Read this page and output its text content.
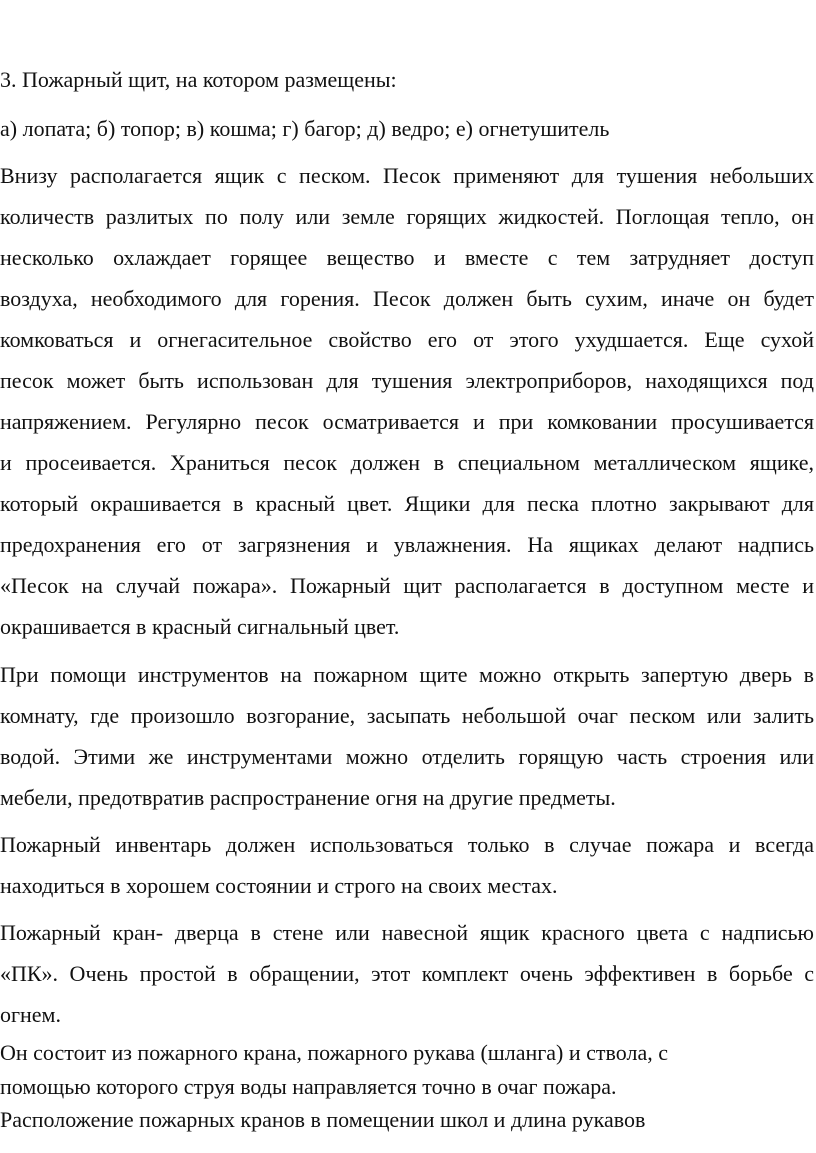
3. Пожарный щит, на котором размещены:

а) лопата; б) топор; в) кошма; г) багор; д) ведро; е) огнетушитель

Внизу располагается ящик с песком. Песок применяют для тушения небольших

количеств разлитых по полу или земле горящих жидкостей. Поглощая тепло, он

несколько охлаждает горящее вещество и вместе с тем затрудняет доступ

воздуха, необходимого для горения. Песок должен быть сухим, иначе он будет

комковаться и огнегасительное свойство его от этого ухудшается. Еще сухой

песок может быть использован для тушения электроприборов, находящихся под

напряжением. Регулярно песок осматривается и при комковании просушивается

и просеивается. Храниться песок должен в специальном металлическом ящике,

который окрашивается в красный цвет. Ящики для песка плотно закрывают для

предохранения его от загрязнения и увлажнения. На ящиках делают надпись

«Песок на случай пожара». Пожарный щит располагается в доступном месте и

окрашивается в красный сигнальный цвет.

При помощи инструментов на пожарном щите можно открыть запертую дверь в

комнату, где произошло возгорание, засыпать небольшой очаг песком или залить

водой. Этими же инструментами можно отделить горящую часть строения или

мебели, предотвратив распространение огня на другие предметы.

Пожарный инвентарь должен использоваться только в случае пожара и всегда

находиться в хорошем состоянии и строго на своих местах.

Пожарный кран- дверца в стене или навесной ящик красного цвета с надписью

«ПК». Очень простой в обращении, этот комплект очень эффективен в борьбе с

огнем.

Он состоит из пожарного крана, пожарного рукава (шланга) и ствола, с

помощью которого струя воды направляется точно в очаг пожара.

Расположение пожарных кранов в помещении школ и длина рукавов
